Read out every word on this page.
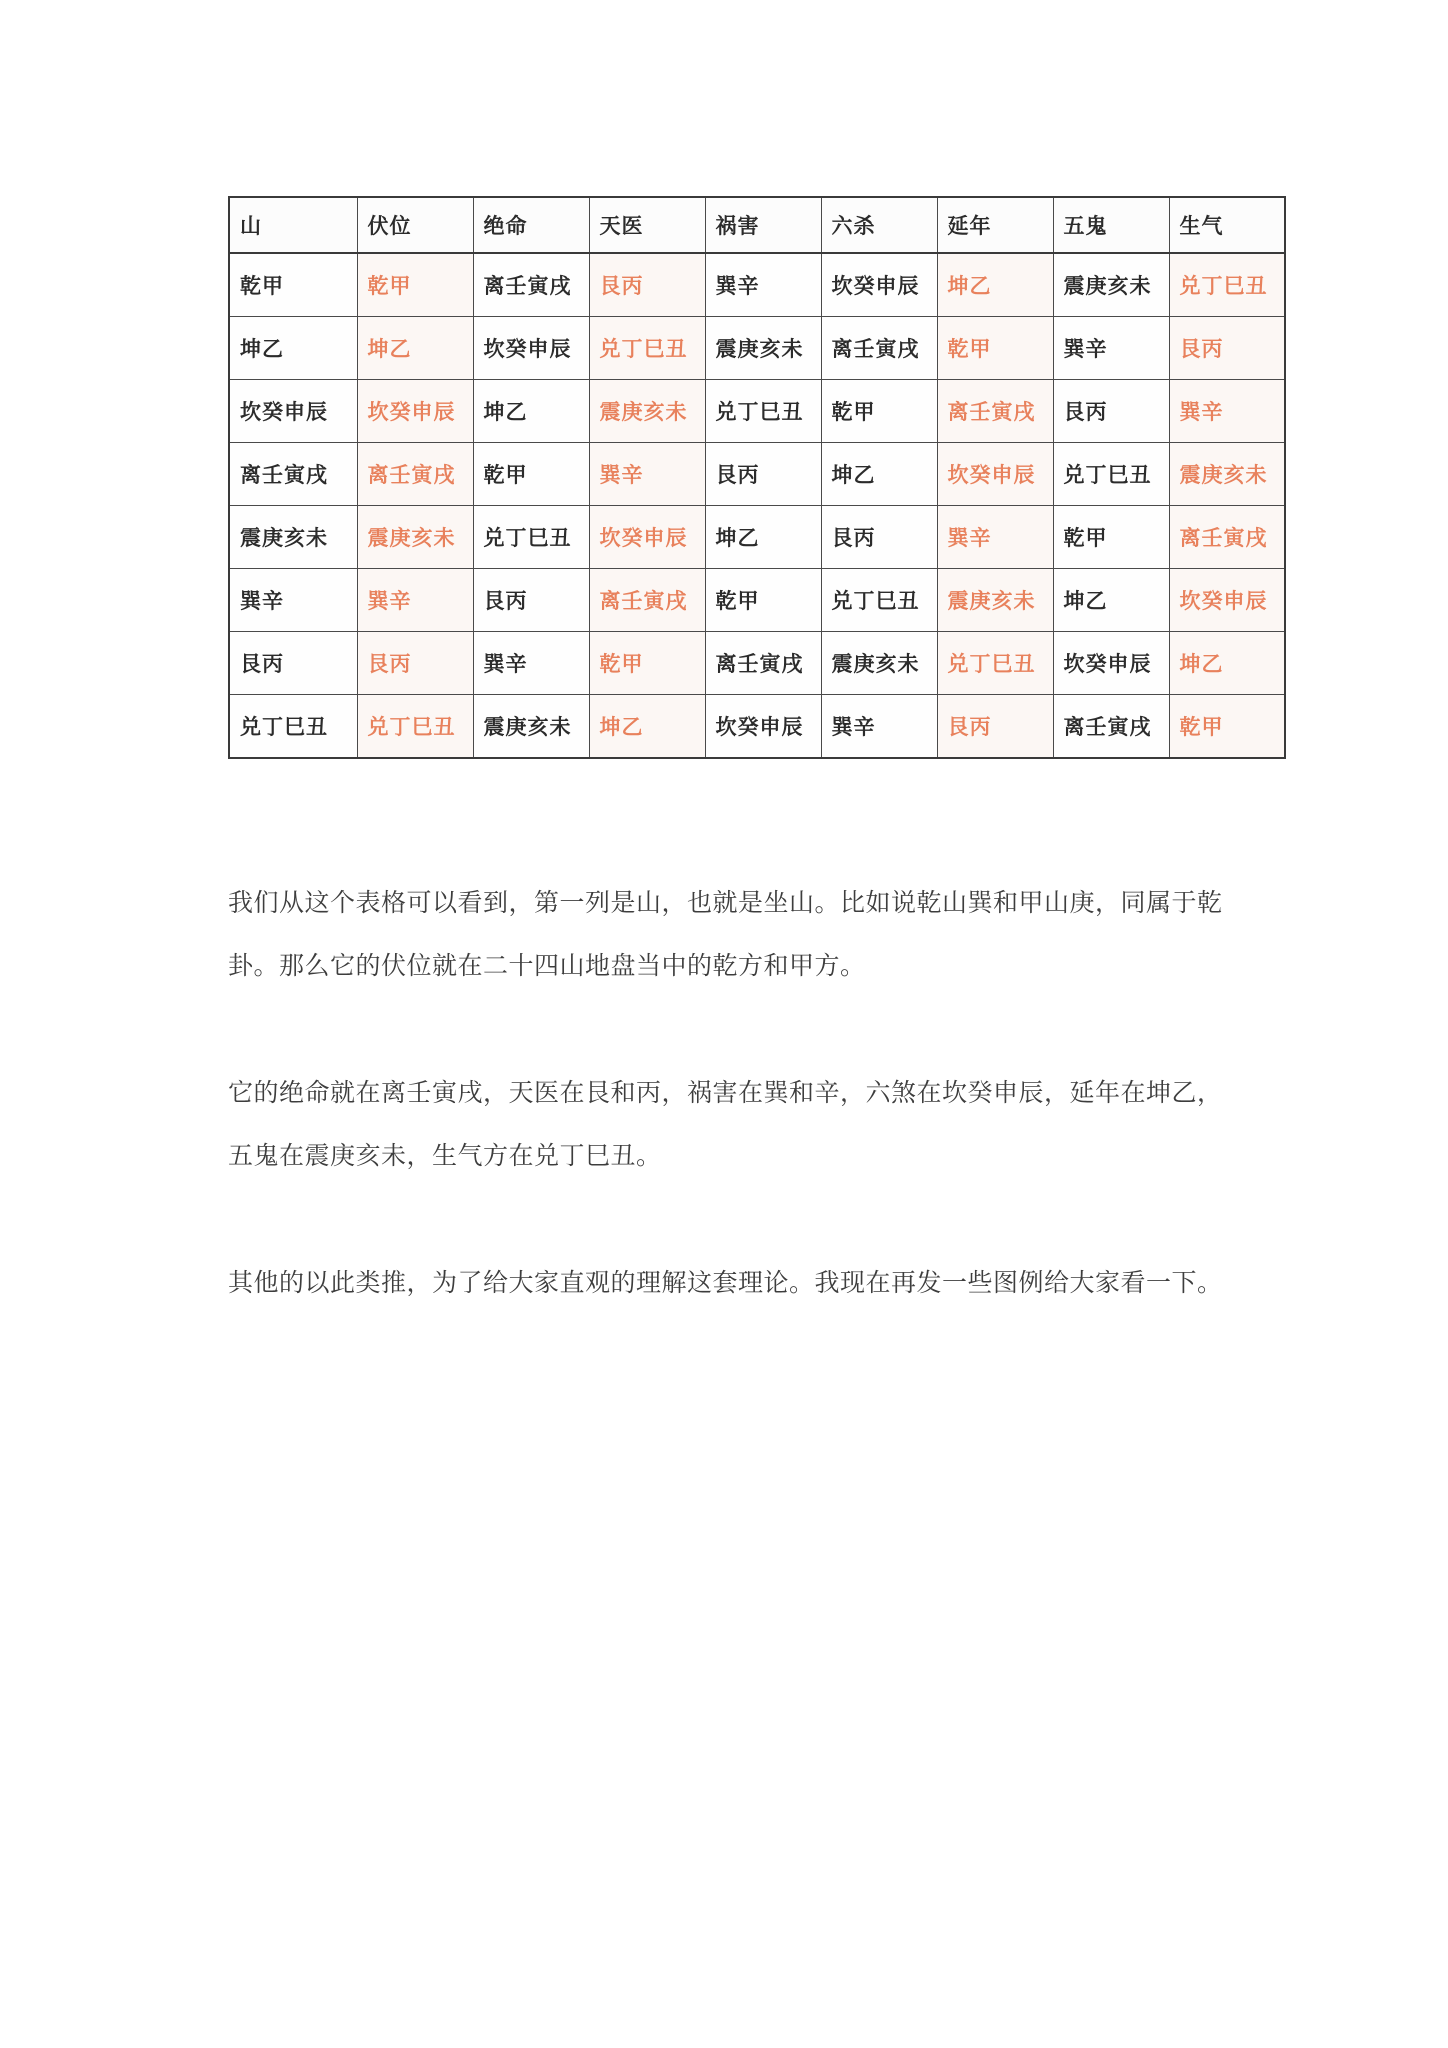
山	伏位	绝命	天医	祸害	六杀	延年	五鬼	生气
乾甲	乾甲	离壬寅戌	艮丙	巽辛	坎癸申辰	坤乙	震庚亥未	兑丁巳丑
坤乙	坤乙	坎癸申辰	兑丁巳丑	震庚亥未	离壬寅戌	乾甲	巽辛	艮丙
坎癸申辰	坎癸申辰	坤乙	震庚亥未	兑丁巳丑	乾甲	离壬寅戌	艮丙	巽辛
离壬寅戌	离壬寅戌	乾甲	巽辛	艮丙	坤乙	坎癸申辰	兑丁巳丑	震庚亥未
震庚亥未	震庚亥未	兑丁巳丑	坎癸申辰	坤乙	艮丙	巽辛	乾甲	离壬寅戌
巽辛	巽辛	艮丙	离壬寅戌	乾甲	兑丁巳丑	震庚亥未	坤乙	坎癸申辰
艮丙	艮丙	巽辛	乾甲	离壬寅戌	震庚亥未	兑丁巳丑	坎癸申辰	坤乙
兑丁巳丑	兑丁巳丑	震庚亥未	坤乙	坎癸申辰	巽辛	艮丙	离壬寅戌	乾甲

我们从这个表格可以看到，第一列是山，也就是坐山。比如说乾山巽和甲山庚，同属于乾卦。那么它的伏位就在二十四山地盘当中的乾方和甲方。

它的绝命就在离壬寅戌，天医在艮和丙，祸害在巽和辛，六煞在坎癸申辰，延年在坤乙，五鬼在震庚亥未，生气方在兑丁巳丑。

其他的以此类推，为了给大家直观的理解这套理论。我现在再发一些图例给大家看一下。
